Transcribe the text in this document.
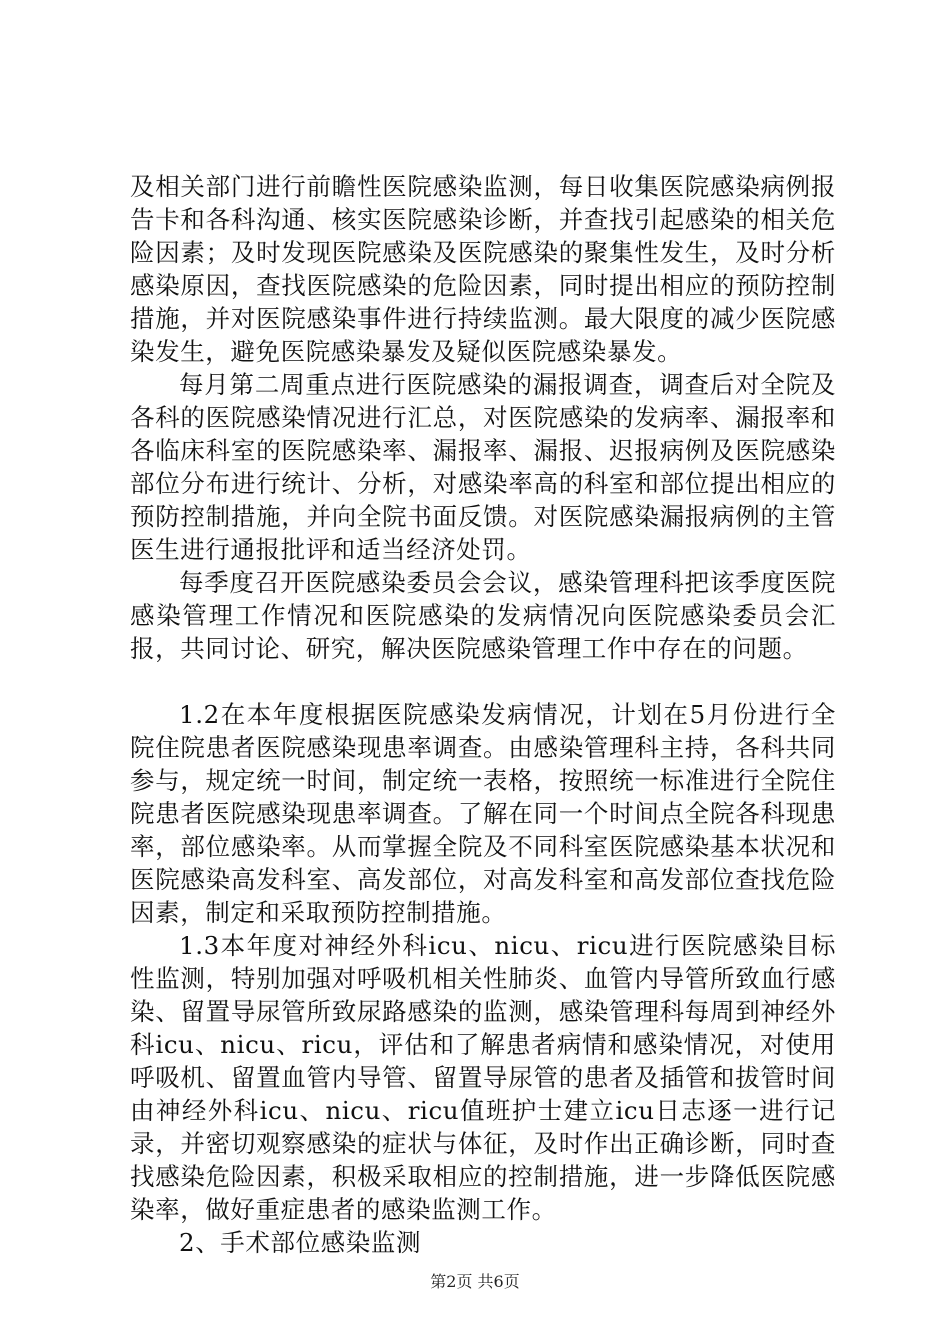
及相关部门进行前瞻性医院感染监测，每日收集医院感染病例报告卡和各科沟通、核实医院感染诊断，并查找引起感染的相关危险因素；及时发现医院感染及医院感染的聚集性发生，及时分析感染原因，查找医院感染的危险因素，同时提出相应的预防控制措施，并对医院感染事件进行持续监测。最大限度的减少医院感染发生，避免医院感染暴发及疑似医院感染暴发。

每月第二周重点进行医院感染的漏报调查，调查后对全院及各科的医院感染情况进行汇总，对医院感染的发病率、漏报率和各临床科室的医院感染率、漏报率、漏报、迟报病例及医院感染部位分布进行统计、分析，对感染率高的科室和部位提出相应的预防控制措施，并向全院书面反馈。对医院感染漏报病例的主管医生进行通报批评和适当经济处罚。

每季度召开医院感染委员会会议，感染管理科把该季度医院感染管理工作情况和医院感染的发病情况向医院感染委员会汇报，共同讨论、研究，解决医院感染管理工作中存在的问题。

1.2在本年度根据医院感染发病情况，计划在5月份进行全院住院患者医院感染现患率调查。由感染管理科主持，各科共同参与，规定统一时间，制定统一表格，按照统一标准进行全院住院患者医院感染现患率调查。了解在同一个时间点全院各科现患率，部位感染率。从而掌握全院及不同科室医院感染基本状况和医院感染高发科室、高发部位，对高发科室和高发部位查找危险因素，制定和采取预防控制措施。

1.3本年度对神经外科icu、nicu、ricu进行医院感染目标性监测，特别加强对呼吸机相关性肺炎、血管内导管所致血行感染、留置导尿管所致尿路感染的监测，感染管理科每周到神经外科icu、nicu、ricu，评估和了解患者病情和感染情况，对使用呼吸机、留置血管内导管、留置导尿管的患者及插管和拔管时间由神经外科icu、nicu、ricu值班护士建立icu日志逐一进行记录，并密切观察感染的症状与体征，及时作出正确诊断，同时查找感染危险因素，积极采取相应的控制措施，进一步降低医院感染率，做好重症患者的感染监测工作。

2、手术部位感染监测

第2页 共6页
